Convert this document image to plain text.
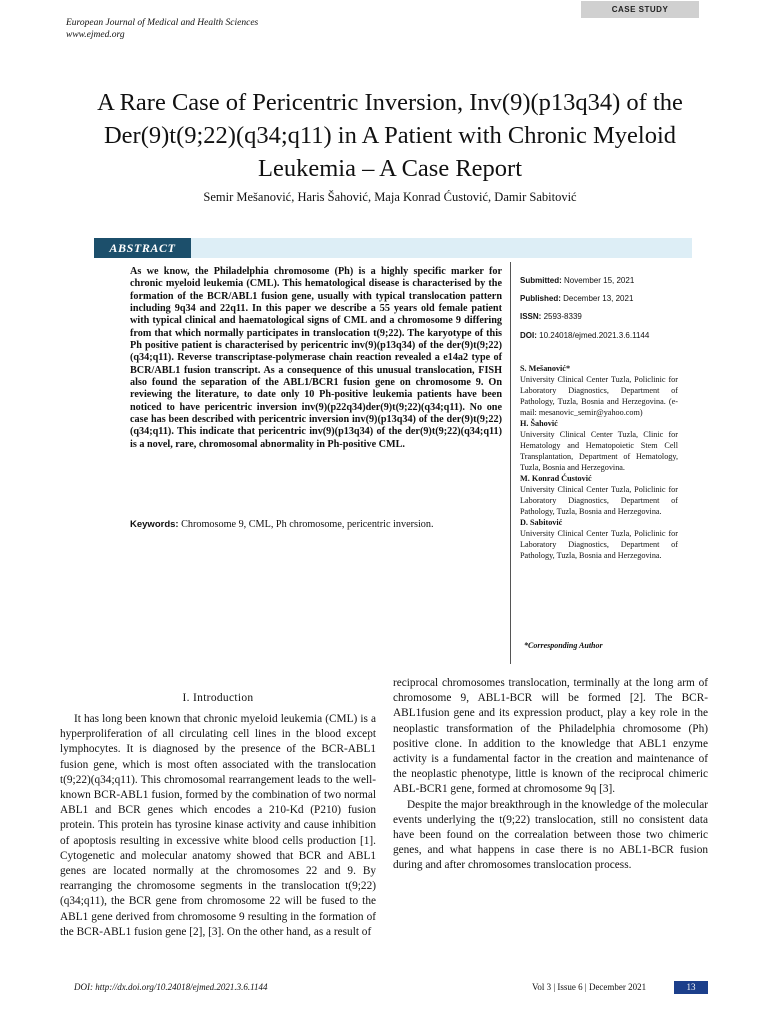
European Journal of Medical and Health Sciences
www.ejmed.org
CASE STUDY
A Rare Case of Pericentric Inversion, Inv(9)(p13q34) of the Der(9)t(9;22)(q34;q11) in A Patient with Chronic Myeloid Leukemia – A Case Report
Semir Mešanović, Haris Šahović, Maja Konrad Ćustović, Damir Sabitović
ABSTRACT

As we know, the Philadelphia chromosome (Ph) is a highly specific marker for chronic myeloid leukemia (CML). This hematological disease is characterised by the formation of the BCR/ABL1 fusion gene, usually with typical translocation pattern including 9q34 and 22q11. In this paper we describe a 55 years old female patient with typical clinical and haematological signs of CML and a chromosome 9 differing from that which normally participates in translocation t(9;22). The karyotype of this Ph positive patient is characterised by pericentric inv(9)(p13q34) of the der(9)t(9;22)(q34;q11). Reverse transcriptase-polymerase chain reaction revealed a e14a2 type of BCR/ABL1 fusion transcript. As a consequence of this unusual translocation, FISH also found the separation of the ABL1/BCR1 fusion gene on chromosome 9. On reviewing the literature, to date only 10 Ph-positive leukemia patients have been noticed to have pericentric inversion inv(9)(p22q34)der(9)t(9;22)(q34;q11). No one case has been described with pericentric inversion inv(9)(p13q34) of the der(9)t(9;22)(q34;q11). This indicate that pericentric inv(9)(p13q34) of the der(9)t(9;22)(q34;q11) is a novel, rare, chromosomal abnormality in Ph-positive CML.

Keywords: Chromosome 9, CML, Ph chromosome, pericentric inversion.
Submitted: November 15, 2021
Published: December 13, 2021
ISSN: 2593-8339
DOI: 10.24018/ejmed.2021.3.6.1144

S. Mešanović*
University Clinical Center Tuzla, Policlinic for Laboratory Diagnostics, Department of Pathology, Tuzla, Bosnia and Herzegovina. (e-mail: mesanovic_semir@yahoo.com)

H. Šahović
University Clinical Center Tuzla, Clinic for Hematology and Hematopoietic Stem Cell Transplantation, Department of Hematology, Tuzla, Bosnia and Herzegovina.

M. Konrad Ćustović
University Clinical Center Tuzla, Policlinic for Laboratory Diagnostics, Department of Pathology, Tuzla, Bosnia and Herzegovina.

D. Sabitović
University Clinical Center Tuzla, Policlinic for Laboratory Diagnostics, Department of Pathology, Tuzla, Bosnia and Herzegovina.

*Corresponding Author
I. Introduction

It has long been known that chronic myeloid leukemia (CML) is a hyperproliferation of all circulating cell lines in the blood except lymphocytes. It is diagnosed by the presence of the BCR-ABL1 fusion gene, which is most often associated with the translocation t(9;22)(q34;q11). This chromosomal rearrangement leads to the well-known BCR-ABL1 fusion, formed by the combination of two normal ABL1 and BCR genes which encodes a 210-Kd (P210) fusion protein. This protein has tyrosine kinase activity and cause inhibition of apoptosis resulting in excessive white blood cells production [1]. Cytogenetic and molecular anatomy showed that BCR and ABL1 genes are located normally at the chromosomes 22 and 9. By rearranging the chromosome segments in the translocation t(9;22)(q34;q11), the BCR gene from chromosome 22 will be fused to the ABL1 gene derived from chromosome 9 resulting in the formation of the BCR-ABL1 fusion gene [2], [3]. On the other hand, as a result of

reciprocal chromosomes translocation, terminally at the long arm of chromosome 9, ABL1-BCR will be formed [2]. The BCR-ABL1fusion gene and its expression product, play a key role in the neoplastic transformation of the Philadelphia chromosome (Ph) positive clone. In addition to the knowledge that ABL1 enzyme activity is a fundamental factor in the creation and maintenance of the neoplastic phenotype, little is known of the reciprocal chimeric ABL-BCR1 gene, formed at chromosome 9q [3].

Despite the major breakthrough in the knowledge of the molecular events underlying the t(9;22) translocation, still no consistent data have been found on the correalation between those two chimeric genes, and what happens in case there is no ABL1-BCR fusion during and after chromosomes translocation process.

DOI: http://dx.doi.org/10.24018/ejmed.2021.3.6.1144	Vol 3 | Issue 6 | December 2021	13
